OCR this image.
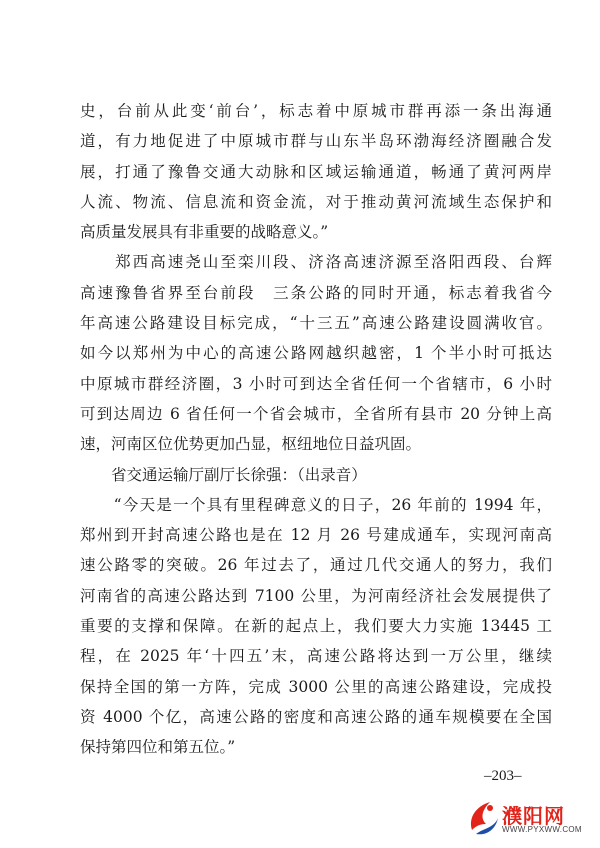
史，台前从此变‘前台’，标志着中原城市群再添一条出海通
道，有力地促进了中原城市群与山东半岛环渤海经济圈融合发
展，打通了豫鲁交通大动脉和区域运输通道，畅通了黄河两岸
人流、物流、信息流和资金流，对于推动黄河流域生态保护和
高质量发展具有非重要的战略意义。”
　　郑西高速尧山至栾川段、济洛高速济源至洛阳西段、台辉
高速豫鲁省界至台前段　三条公路的同时开通，标志着我省今
年高速公路建设目标完成，“十三五”高速公路建设圆满收官。
如今以郑州为中心的高速公路网越织越密，1 个半小时可抵达
中原城市群经济圈，3 小时可到达全省任何一个省辖市，6 小时
可到达周边 6 省任何一个省会城市，全省所有县市 20 分钟上高
速，河南区位优势更加凸显，枢纽地位日益巩固。
　　省交通运输厅副厅长徐强：（出录音）
　　“今天是一个具有里程碑意义的日子，26 年前的 1994 年，
郑州到开封高速公路也是在 12 月 26 号建成通车，实现河南高
速公路零的突破。26 年过去了，通过几代交通人的努力，我们
河南省的高速公路达到 7100 公里，为河南经济社会发展提供了
重要的支撑和保障。在新的起点上，我们要大力实施 13445 工
程，在 2025 年‘十四五’末，高速公路将达到一万公里，继续
保持全国的第一方阵，完成 3000 公里的高速公路建设，完成投
资 4000 个亿，高速公路的密度和高速公路的通车规模要在全国
保持第四位和第五位。”
–203–
濮阳网
WWW.PYXWW.COM
